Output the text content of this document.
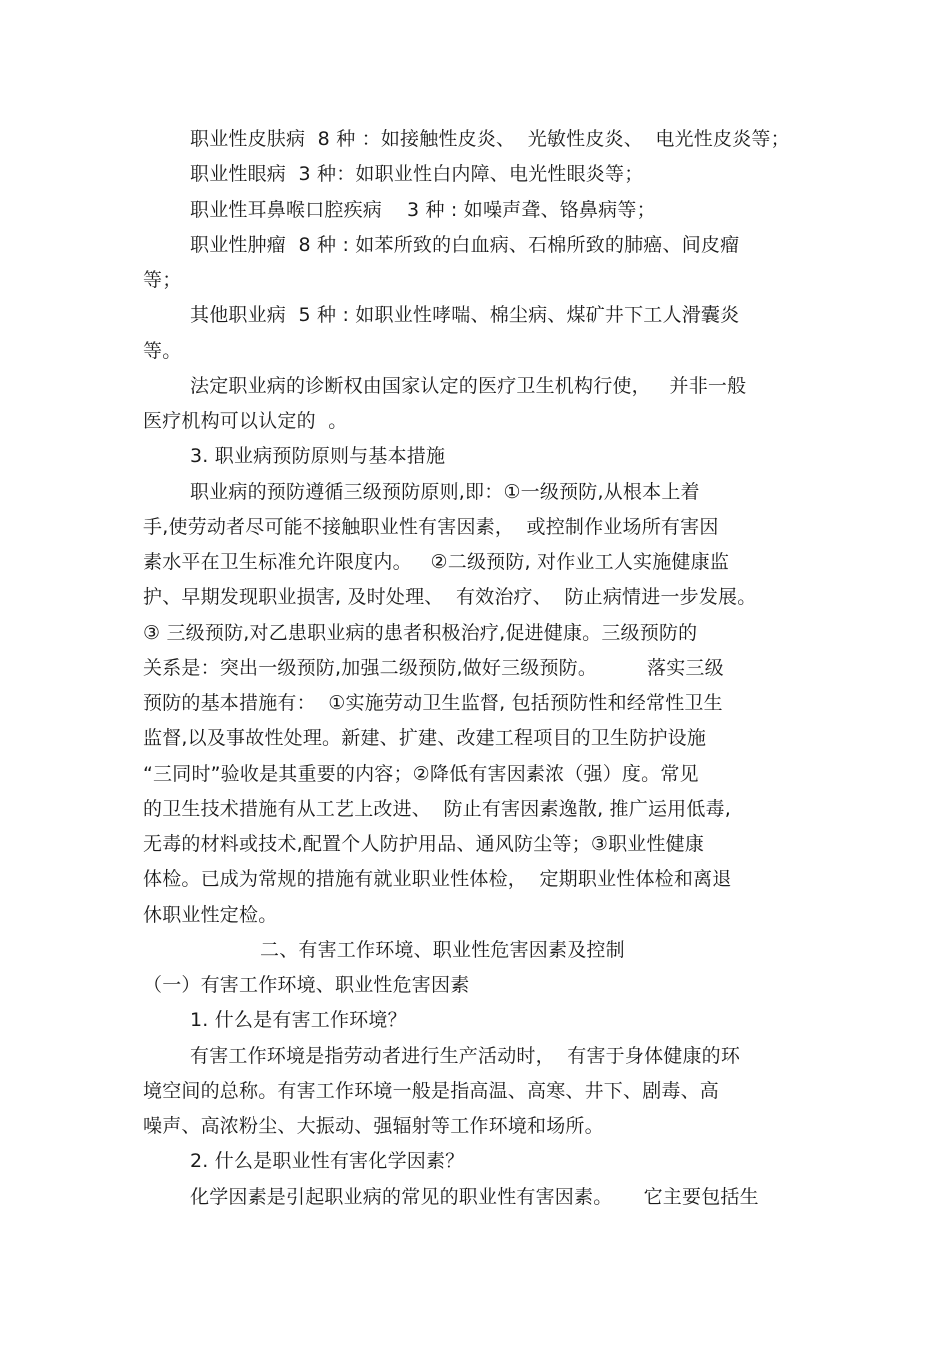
职业性皮肤病  8 种 ：如接触性皮炎、  光敏性皮炎、  电光性皮炎等；
职业性眼病  3 种：如职业性白内障、电光性眼炎等；
职业性耳鼻喉口腔疾病    3 种 : 如噪声聋、铬鼻病等；
职业性肿瘤  8 种 : 如苯所致的白血病、石棉所致的肺癌、间皮瘤
等；
其他职业病  5 种 : 如职业性哮喘、棉尘病、煤矿井下工人滑囊炎
等。
法定职业病的诊断权由国家认定的医疗卫生机构行使，   并非一般
医疗机构可以认定的  。
3. 职业病预防原则与基本措施
职业病的预防遵循三级预防原则,即：①一级预防,从根本上着
手,使劳动者尽可能不接触职业性有害因素，  或控制作业场所有害因
素水平在卫生标准允许限度内。   ②二级预防, 对作业工人实施健康监
护、早期发现职业损害, 及时处理、  有效治疗、  防止病情进一步发展。
③ 三级预防,对乙患职业病的患者积极治疗,促进健康。三级预防的
关系是：突出一级预防,加强二级预防,做好三级预防。        落实三级
预防的基本措施有：  ①实施劳动卫生监督, 包括预防性和经常性卫生
监督,以及事故性处理。新建、扩建、改建工程项目的卫生防护设施
“三同时”验收是其重要的内容；②降低有害因素浓（强）度。常见
的卫生技术措施有从工艺上改进、  防止有害因素逸散, 推广运用低毒,
无毒的材料或技术,配置个人防护用品、通风防尘等；③职业性健康
体检。已成为常规的措施有就业职业性体检，  定期职业性体检和离退
休职业性定检。
二、有害工作环境、职业性危害因素及控制
（一）有害工作环境、职业性危害因素
1. 什么是有害工作环境？
有害工作环境是指劳动者进行生产活动时，  有害于身体健康的环
境空间的总称。有害工作环境一般是指高温、高寒、井下、剧毒、高
噪声、高浓粉尘、大振动、强辐射等工作环境和场所。
2. 什么是职业性有害化学因素？
化学因素是引起职业病的常见的职业性有害因素。     它主要包括生
